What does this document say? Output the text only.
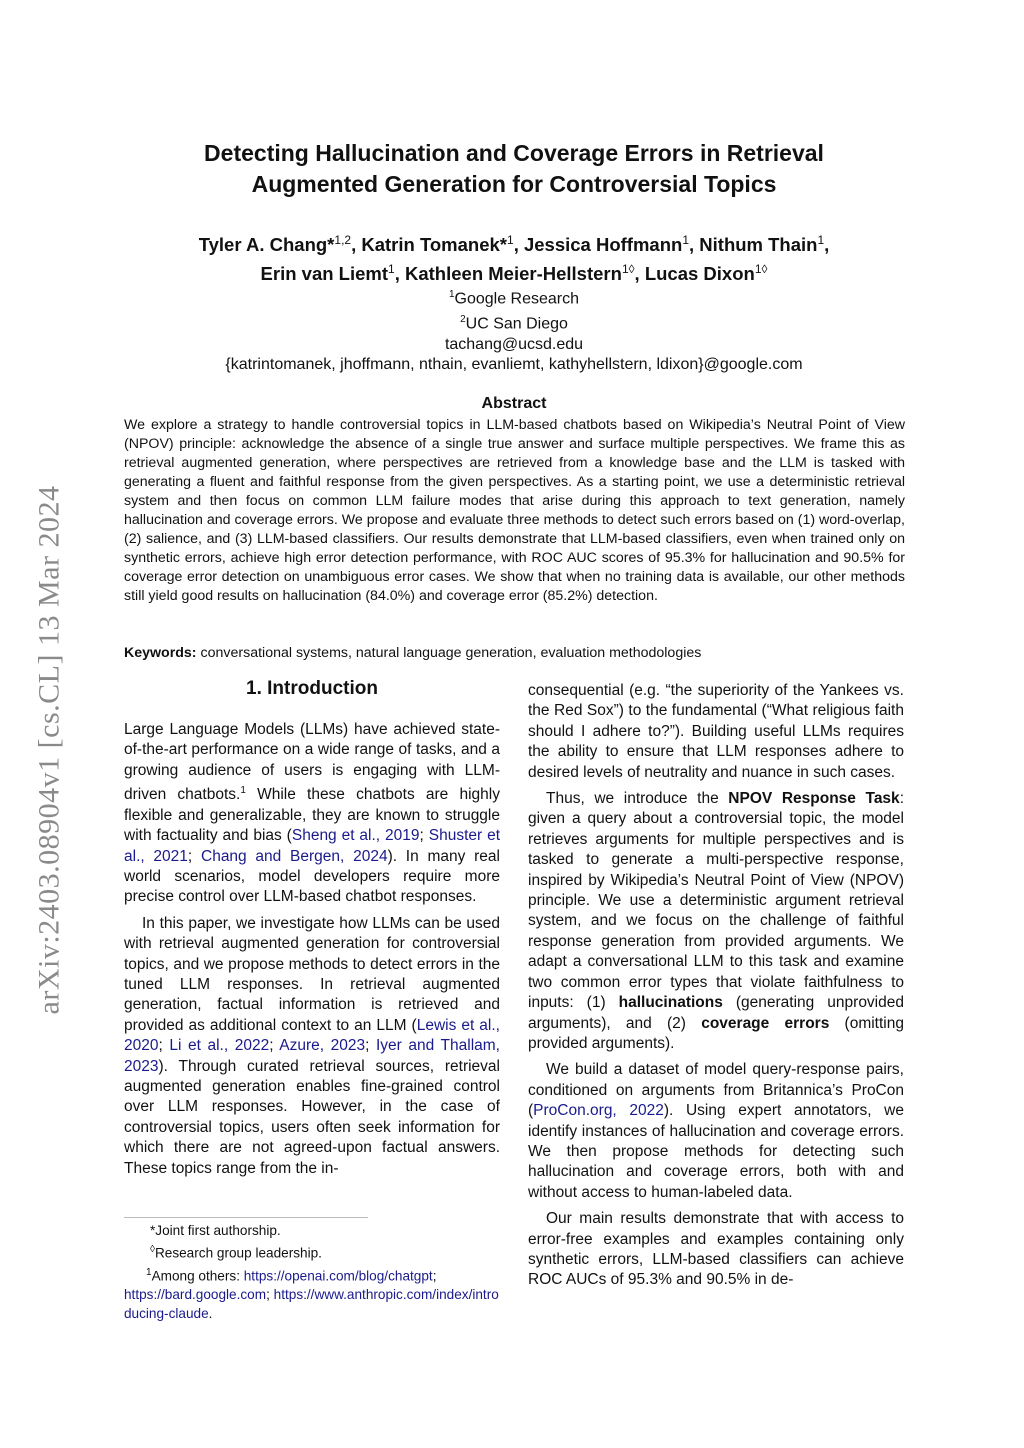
arXiv:2403.08904v1 [cs.CL] 13 Mar 2024
Detecting Hallucination and Coverage Errors in Retrieval
Augmented Generation for Controversial Topics
Tyler A. Chang*$^{1,2}$, Katrin Tomanek*$^1$, Jessica Hoffmann$^1$, Nithum Thain$^1$,
Erin van Liemt$^1$, Kathleen Meier-Hellstern$^{1◊}$, Lucas Dixon$^{1◊}$
$^1$Google Research
$^2$UC San Diego
tachang@ucsd.edu
{katrintomanek, jhoffmann, nthain, evanliemt, kathyhellstern, ldixon}@google.com
Abstract
We explore a strategy to handle controversial topics in LLM-based chatbots based on Wikipedia’s Neutral Point of View (NPOV) principle: acknowledge the absence of a single true answer and surface multiple perspectives. We frame this as retrieval augmented generation, where perspectives are retrieved from a knowledge base and the LLM is tasked with generating a fluent and faithful response from the given perspectives. As a starting point, we use a deterministic retrieval system and then focus on common LLM failure modes that arise during this approach to text generation, namely hallucination and coverage errors. We propose and evaluate three methods to detect such errors based on (1) word-overlap, (2) salience, and (3) LLM-based classifiers. Our results demonstrate that LLM-based classifiers, even when trained only on synthetic errors, achieve high error detection performance, with ROC AUC scores of 95.3% for hallucination and 90.5% for coverage error detection on unambiguous error cases. We show that when no training data is available, our other methods still yield good results on hallucination (84.0%) and coverage error (85.2%) detection.
Keywords: conversational systems, natural language generation, evaluation methodologies
1. Introduction

Large Language Models (LLMs) have achieved state-of-the-art performance on a wide range of tasks, and a growing audience of users is engaging with LLM-driven chatbots.$^1$ While these chatbots are highly flexible and generalizable, they are known to struggle with factuality and bias (Sheng et al., 2019; Shuster et al., 2021; Chang and Bergen, 2024). In many real world scenarios, model developers require more precise control over LLM-based chatbot responses.

In this paper, we investigate how LLMs can be used with retrieval augmented generation for controversial topics, and we propose methods to detect errors in the tuned LLM responses. In retrieval augmented generation, factual information is retrieved and provided as additional context to an LLM (Lewis et al., 2020; Li et al., 2022; Azure, 2023; Iyer and Thallam, 2023). Through curated retrieval sources, retrieval augmented generation enables fine-grained control over LLM responses. However, in the case of controversial topics, users often seek information for which there are not agreed-upon factual answers. These topics range from the in-

consequential (e.g. “the superiority of the Yankees vs. the Red Sox”) to the fundamental (“What religious faith should I adhere to?”). Building useful LLMs requires the ability to ensure that LLM responses adhere to desired levels of neutrality and nuance in such cases.

Thus, we introduce the NPOV Response Task: given a query about a controversial topic, the model retrieves arguments for multiple perspectives and is tasked to generate a multi-perspective response, inspired by Wikipedia’s Neutral Point of View (NPOV) principle. We use a deterministic argument retrieval system, and we focus on the challenge of faithful response generation from provided arguments. We adapt a conversational LLM to this task and examine two common error types that violate faithfulness to inputs: (1) hallucinations (generating unprovided arguments), and (2) coverage errors (omitting provided arguments).

We build a dataset of model query-response pairs, conditioned on arguments from Britannica’s ProCon (ProCon.org, 2022). Using expert annotators, we identify instances of hallucination and coverage errors. We then propose methods for detecting such hallucination and coverage errors, both with and without access to human-labeled data.

Our main results demonstrate that with access to error-free examples and examples containing only synthetic errors, LLM-based classifiers can achieve ROC AUCs of 95.3% and 90.5% in de-

*Joint first authorship.
◊Research group leadership.
$^1$Among others: https://openai.com/blog/chatgpt;
https://bard.google.com; https://www.anthropic.com/index/introducing-claude.
